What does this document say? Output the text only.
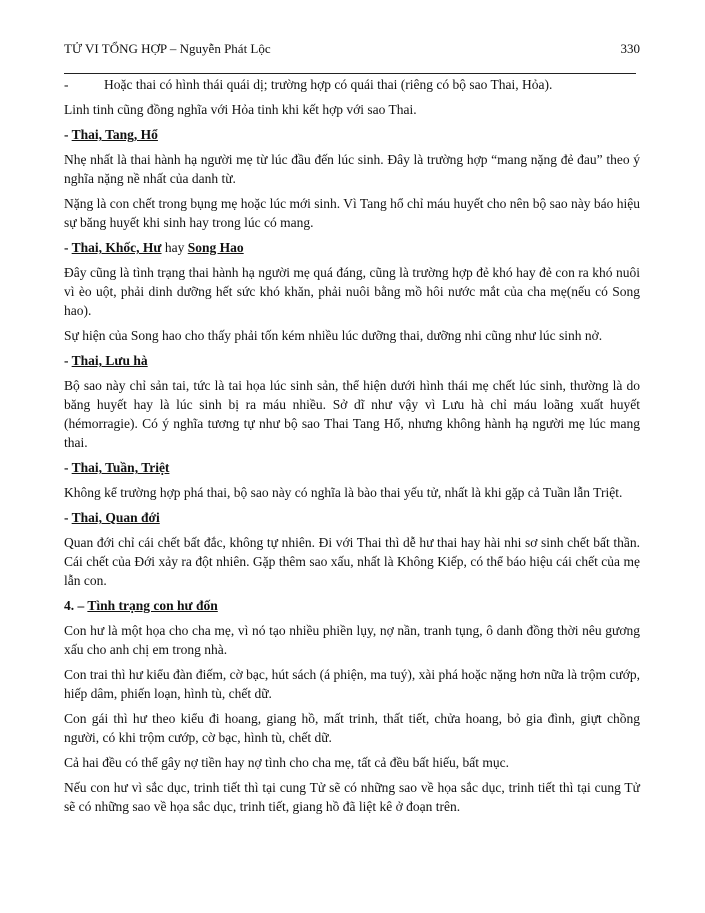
TỬ VI TỔNG HỢP – Nguyễn Phát Lộc	330

-	Hoặc thai có hình thái quái dị; trường hợp có quái thai (riêng có bộ sao Thai, Hỏa).

Linh tinh cũng đồng nghĩa với Hỏa tinh khi kết hợp với sao Thai.

- Thai, Tang, Hổ

Nhẹ nhất là thai hành hạ người mẹ từ lúc đầu đến lúc sinh. Đây là trường hợp “mang nặng đẻ đau” theo ý nghĩa nặng nề nhất của danh từ.

Nặng là con chết trong bụng mẹ hoặc lúc mới sinh. Vì Tang hổ chỉ máu huyết cho nên bộ sao này báo hiệu sự băng huyết khi sinh hay trong lúc có mang.

- Thai, Khốc, Hư hay Song Hao

Đây cũng là tình trạng thai hành hạ người mẹ quá đáng, cũng là trường hợp đẻ khó hay đẻ con ra khó nuôi vì èo uột, phải dinh dưỡng hết sức khó khăn, phải nuôi bằng mồ hôi nước mắt của cha mẹ(nếu có Song hao).

Sự hiện của Song hao cho thấy phải tốn kém nhiều lúc dưỡng thai, dưỡng nhi cũng như lúc sinh nở.

- Thai, Lưu hà

Bộ sao này chỉ sản tai, tức là tai họa lúc sinh sản, thể hiện dưới hình thái mẹ chết lúc sinh, thường là do băng huyết hay là lúc sinh bị ra máu nhiều. Sở dĩ như vậy vì Lưu hà chỉ máu loãng xuất huyết (hémorragie). Có ý nghĩa tương tự như bộ sao Thai Tang Hổ, nhưng không hành hạ người mẹ lúc mang thai.

- Thai, Tuần, Triệt

Không kể trường hợp phá thai, bộ sao này có nghĩa là bào thai yếu tử, nhất là khi gặp cả Tuần lẫn Triệt.

- Thai, Quan đới

Quan đới chỉ cái chết bất đắc, không tự nhiên. Đi với Thai thì dễ hư thai hay hài nhi sơ sinh chết bất thần. Cái chết của Đới xảy ra đột nhiên. Gặp thêm sao xấu, nhất là Không Kiếp, có thể báo hiệu cái chết của mẹ lẫn con.

4. – Tình trạng con hư đốn

Con hư là một họa cho cha mẹ, vì nó tạo nhiều phiền lụy, nợ nần, tranh tụng, ô danh đồng thời nêu gương xấu cho anh chị em trong nhà.

Con trai thì hư kiểu đàn điếm, cờ bạc, hút sách (á phiện, ma tuý), xài phá hoặc nặng hơn nữa là trộm cướp, hiếp dâm, phiến loạn, hình tù, chết dữ.

Con gái thì hư theo kiểu đi hoang, giang hồ, mất trinh, thất tiết, chửa hoang, bỏ gia đình, giựt chồng người, có khi trộm cướp, cờ bạc, hình tù, chết dữ.

Cả hai đều có thể gây nợ tiền hay nợ tình cho cha mẹ, tất cả đều bất hiếu, bất mục.

Nếu con hư vì sắc dục, trinh tiết thì tại cung Tử sẽ có những sao về họa sắc dục, trinh tiết thì tại cung Tử sẽ có những sao về họa sắc dục, trinh tiết, giang hồ đã liệt kê ở đoạn trên.
